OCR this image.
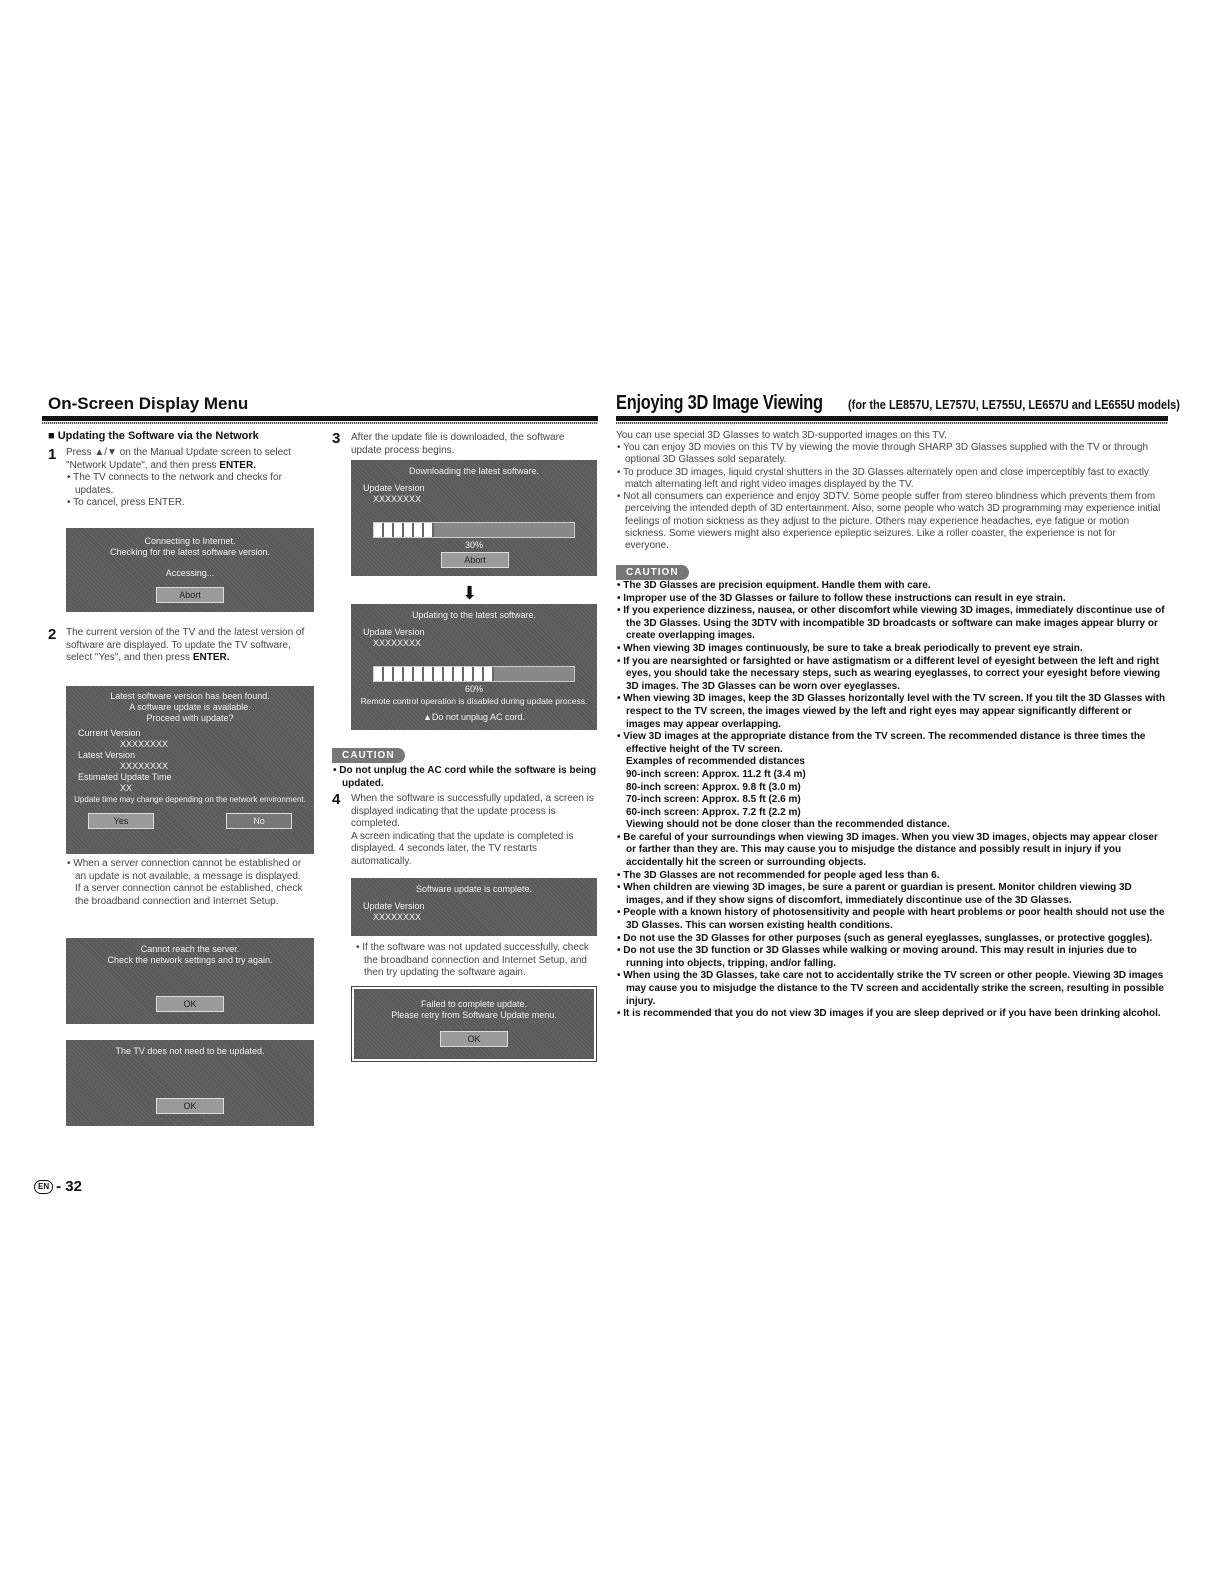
On-Screen Display Menu
■ Updating the Software via the Network
1 Press ▲/▼ on the Manual Update screen to select "Network Update", and then press ENTER.
• The TV connects to the network and checks for updates.
• To cancel, press ENTER.
Connecting to Internet.
Checking for the latest software version.
Accessing...
Abort
2 The current version of the TV and the latest version of software are displayed. To update the TV software, select "Yes", and then press ENTER.
Latest software version has been found.
A software update is available.
Proceed with update?
Current Version
XXXXXXXX
Latest Version
XXXXXXXX
Estimated Update Time
XX
Update time may change depending on the network environment.
Yes	No
• When a server connection cannot be established or an update is not available, a message is displayed.
If a server connection cannot be established, check the broadband connection and Internet Setup.
Cannot reach the server.
Check the network settings and try again.
OK
The TV does not need to be updated.
OK
3 After the update file is downloaded, the software update process begins.
Downloading the latest software.
Update Version
XXXXXXXX
30%
Abort
⬇
Updating to the latest software.
Update Version
XXXXXXXX
60%
Remote control operation is disabled during update process.
▲Do not unplug AC cord.
CAUTION
• Do not unplug the AC cord while the software is being updated.
4 When the software is successfully updated, a screen is displayed indicating that the update process is completed.
A screen indicating that the update is completed is displayed. 4 seconds later, the TV restarts automatically.
Software update is complete.
Update Version
XXXXXXXX
• If the software was not updated successfully, check the broadband connection and Internet Setup, and then try updating the software again.
Failed to complete update.
Please retry from Software Update menu.
OK
Enjoying 3D Image Viewing	(for the LE857U, LE757U, LE755U, LE657U and LE655U models)
You can use special 3D Glasses to watch 3D-supported images on this TV.
• You can enjoy 3D movies on this TV by viewing the movie through SHARP 3D Glasses supplied with the TV or through optional 3D Glasses sold separately.
• To produce 3D images, liquid crystal shutters in the 3D Glasses alternately open and close imperceptibly fast to exactly match alternating left and right video images displayed by the TV.
• Not all consumers can experience and enjoy 3DTV. Some people suffer from stereo blindness which prevents them from perceiving the intended depth of 3D entertainment. Also, some people who watch 3D programming may experience initial feelings of motion sickness as they adjust to the picture. Others may experience headaches, eye fatigue or motion sickness. Some viewers might also experience epileptic seizures. Like a roller coaster, the experience is not for everyone.
CAUTION
• The 3D Glasses are precision equipment. Handle them with care.
• Improper use of the 3D Glasses or failure to follow these instructions can result in eye strain.
• If you experience dizziness, nausea, or other discomfort while viewing 3D images, immediately discontinue use of the 3D Glasses. Using the 3DTV with incompatible 3D broadcasts or software can make images appear blurry or create overlapping images.
• When viewing 3D images continuously, be sure to take a break periodically to prevent eye strain.
• If you are nearsighted or farsighted or have astigmatism or a different level of eyesight between the left and right eyes, you should take the necessary steps, such as wearing eyeglasses, to correct your eyesight before viewing 3D images. The 3D Glasses can be worn over eyeglasses.
• When viewing 3D images, keep the 3D Glasses horizontally level with the TV screen. If you tilt the 3D Glasses with respect to the TV screen, the images viewed by the left and right eyes may appear significantly different or images may appear overlapping.
• View 3D images at the appropriate distance from the TV screen. The recommended distance is three times the effective height of the TV screen.
Examples of recommended distances
90-inch screen: Approx. 11.2 ft (3.4 m)
80-inch screen: Approx. 9.8 ft (3.0 m)
70-inch screen: Approx. 8.5 ft (2.6 m)
60-inch screen: Approx. 7.2 ft (2.2 m)
Viewing should not be done closer than the recommended distance.
• Be careful of your surroundings when viewing 3D images. When you view 3D images, objects may appear closer or farther than they are. This may cause you to misjudge the distance and possibly result in injury if you accidentally hit the screen or surrounding objects.
• The 3D Glasses are not recommended for people aged less than 6.
• When children are viewing 3D images, be sure a parent or guardian is present. Monitor children viewing 3D images, and if they show signs of discomfort, immediately discontinue use of the 3D Glasses.
• People with a known history of photosensitivity and people with heart problems or poor health should not use the 3D Glasses. This can worsen existing health conditions.
• Do not use the 3D Glasses for other purposes (such as general eyeglasses, sunglasses, or protective goggles).
• Do not use the 3D function or 3D Glasses while walking or moving around. This may result in injuries due to running into objects, tripping, and/or falling.
• When using the 3D Glasses, take care not to accidentally strike the TV screen or other people. Viewing 3D images may cause you to misjudge the distance to the TV screen and accidentally strike the screen, resulting in possible injury.
• It is recommended that you do not view 3D images if you are sleep deprived or if you have been drinking alcohol.
EN - 32
